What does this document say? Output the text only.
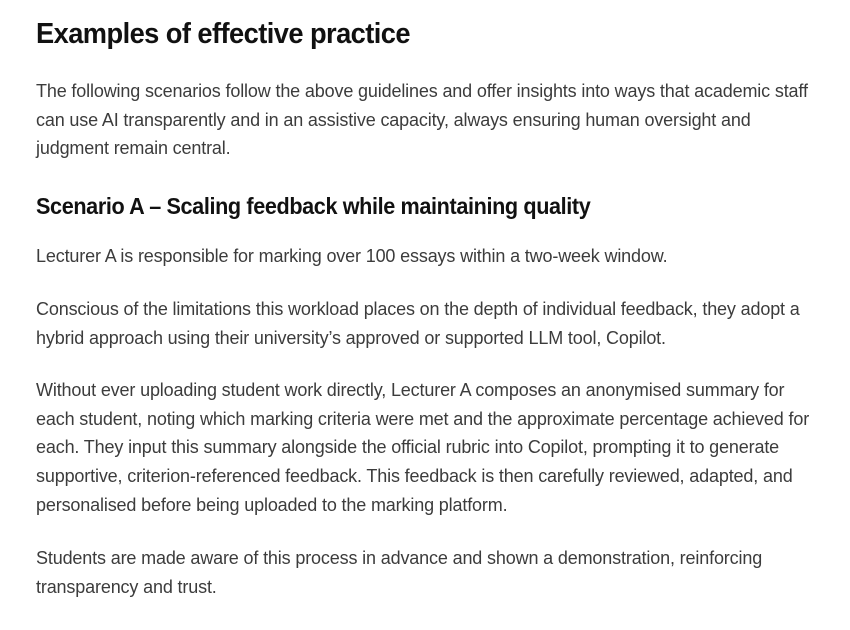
Examples of effective practice

The following scenarios follow the above guidelines and offer insights into ways that academic staff can use AI transparently and in an assistive capacity, always ensuring human oversight and judgment remain central.

Scenario A – Scaling feedback while maintaining quality

Lecturer A is responsible for marking over 100 essays within a two-week window.

Conscious of the limitations this workload places on the depth of individual feedback, they adopt a hybrid approach using their university’s approved or supported LLM tool, Copilot.

Without ever uploading student work directly, Lecturer A composes an anonymised summary for each student, noting which marking criteria were met and the approximate percentage achieved for each. They input this summary alongside the official rubric into Copilot, prompting it to generate supportive, criterion-referenced feedback. This feedback is then carefully reviewed, adapted, and personalised before being uploaded to the marking platform.

Students are made aware of this process in advance and shown a demonstration, reinforcing transparency and trust.
